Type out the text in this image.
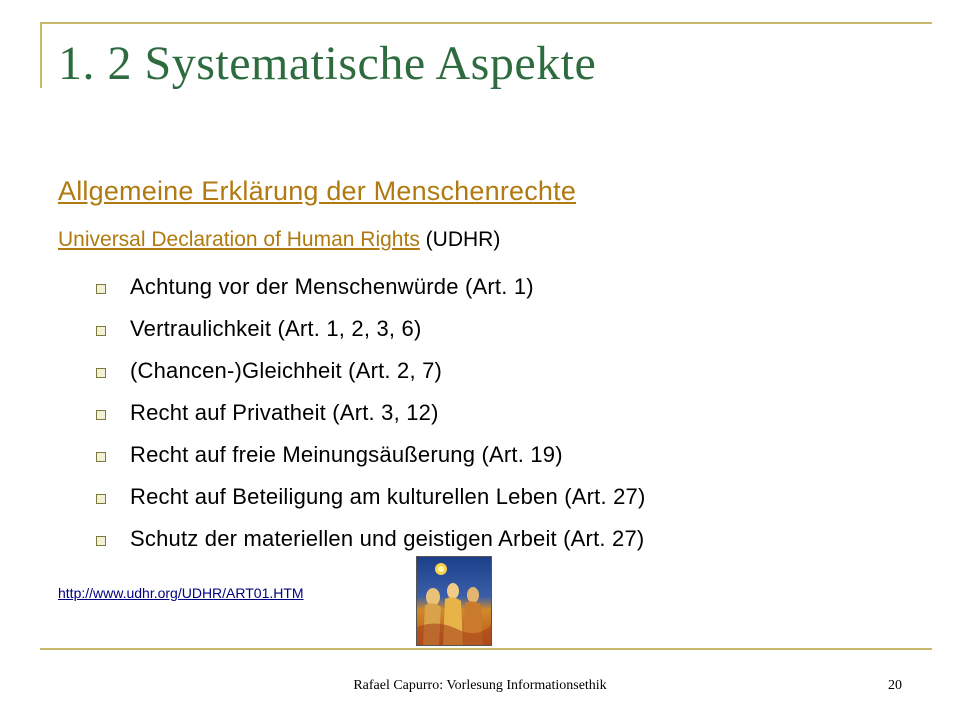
1. 2 Systematische Aspekte
Allgemeine Erklärung der Menschenrechte
Universal Declaration of Human Rights (UDHR)
Achtung vor der Menschenwürde (Art. 1)
Vertraulichkeit (Art. 1, 2, 3, 6)
(Chancen-)Gleichheit (Art. 2, 7)
Recht auf Privatheit (Art. 3, 12)
Recht auf freie Meinungsäußerung (Art. 19)
Recht auf Beteiligung am kulturellen Leben (Art. 27)
Schutz der materiellen und geistigen Arbeit (Art. 27)
http://www.udhr.org/UDHR/ART01.HTM
Rafael Capurro: Vorlesung Informationsethik	20
